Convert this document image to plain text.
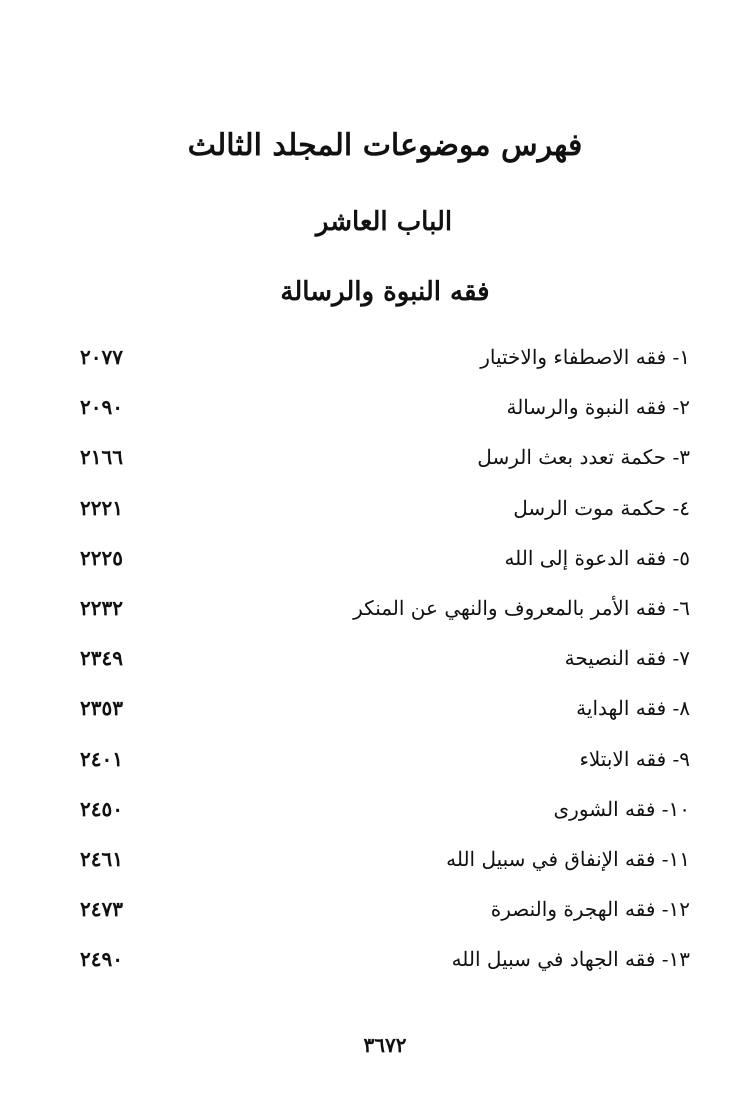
فهرس موضوعات المجلد الثالث
الباب العاشر
فقه النبوة والرسالة
١- فقه الاصطفاء والاختيار
٢٠٧٧
٢- فقه النبوة والرسالة
٢٠٩٠
٣- حكمة تعدد بعث الرسل
٢١٦٦
٤- حكمة موت الرسل
٢٢٢١
٥- فقه الدعوة إلى الله
٢٢٢٥
٦- فقه الأمر بالمعروف والنهي عن المنكر
٢٢٣٢
٧- فقه النصيحة
٢٣٤٩
٨- فقه الهداية
٢٣٥٣
٩- فقه الابتلاء
٢٤٠١
١٠- فقه الشورى
٢٤٥٠
١١- فقه الإنفاق في سبيل الله
٢٤٦١
١٢- فقه الهجرة والنصرة
٢٤٧٣
١٣- فقه الجهاد في سبيل الله
٢٤٩٠
٣٦٧٢
